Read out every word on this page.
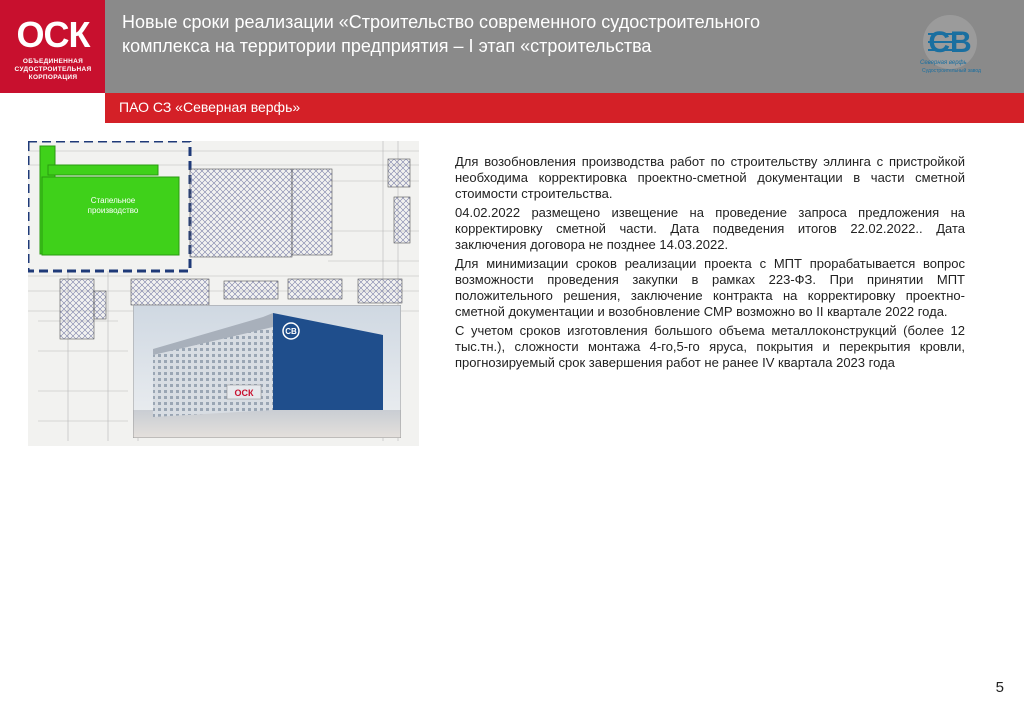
ОСК
ОБЪЕДИНЕННАЯ
СУДОСТРОИТЕЛЬНАЯ
КОРПОРАЦИЯ
Новые сроки реализации «Строительство современного судостроительного комплекса на территории предприятия – I этап «строительства	СВ
Северная верфь
Судостроительный завод
ПАО СЗ «Северная верфь»
Стапельное производство
СВ
ОСК

Для возобновления производства работ по строительству эллинга с пристройкой необходима корректировка проектно-сметной документации в части сметной стоимости строительства.

04.02.2022 размещено извещение на проведение запроса предложения на корректировку сметной части. Дата подведения итогов 22.02.2022.. Дата заключения договора не позднее 14.03.2022.

Для минимизации сроков реализации проекта с МПТ прорабатывается вопрос возможности проведения закупки в рамках 223-ФЗ. При принятии МПТ положительного решения, заключение контракта на корректировку проектно-сметной документации и возобновление СМР возможно во II квартале 2022 года.

С учетом сроков изготовления большого объема металлоконструкций (более 12 тыс.тн.), сложности монтажа 4-го,5-го яруса, покрытия и перекрытия кровли, прогнозируемый срок завершения работ не ранее IV квартала 2023 года

5
